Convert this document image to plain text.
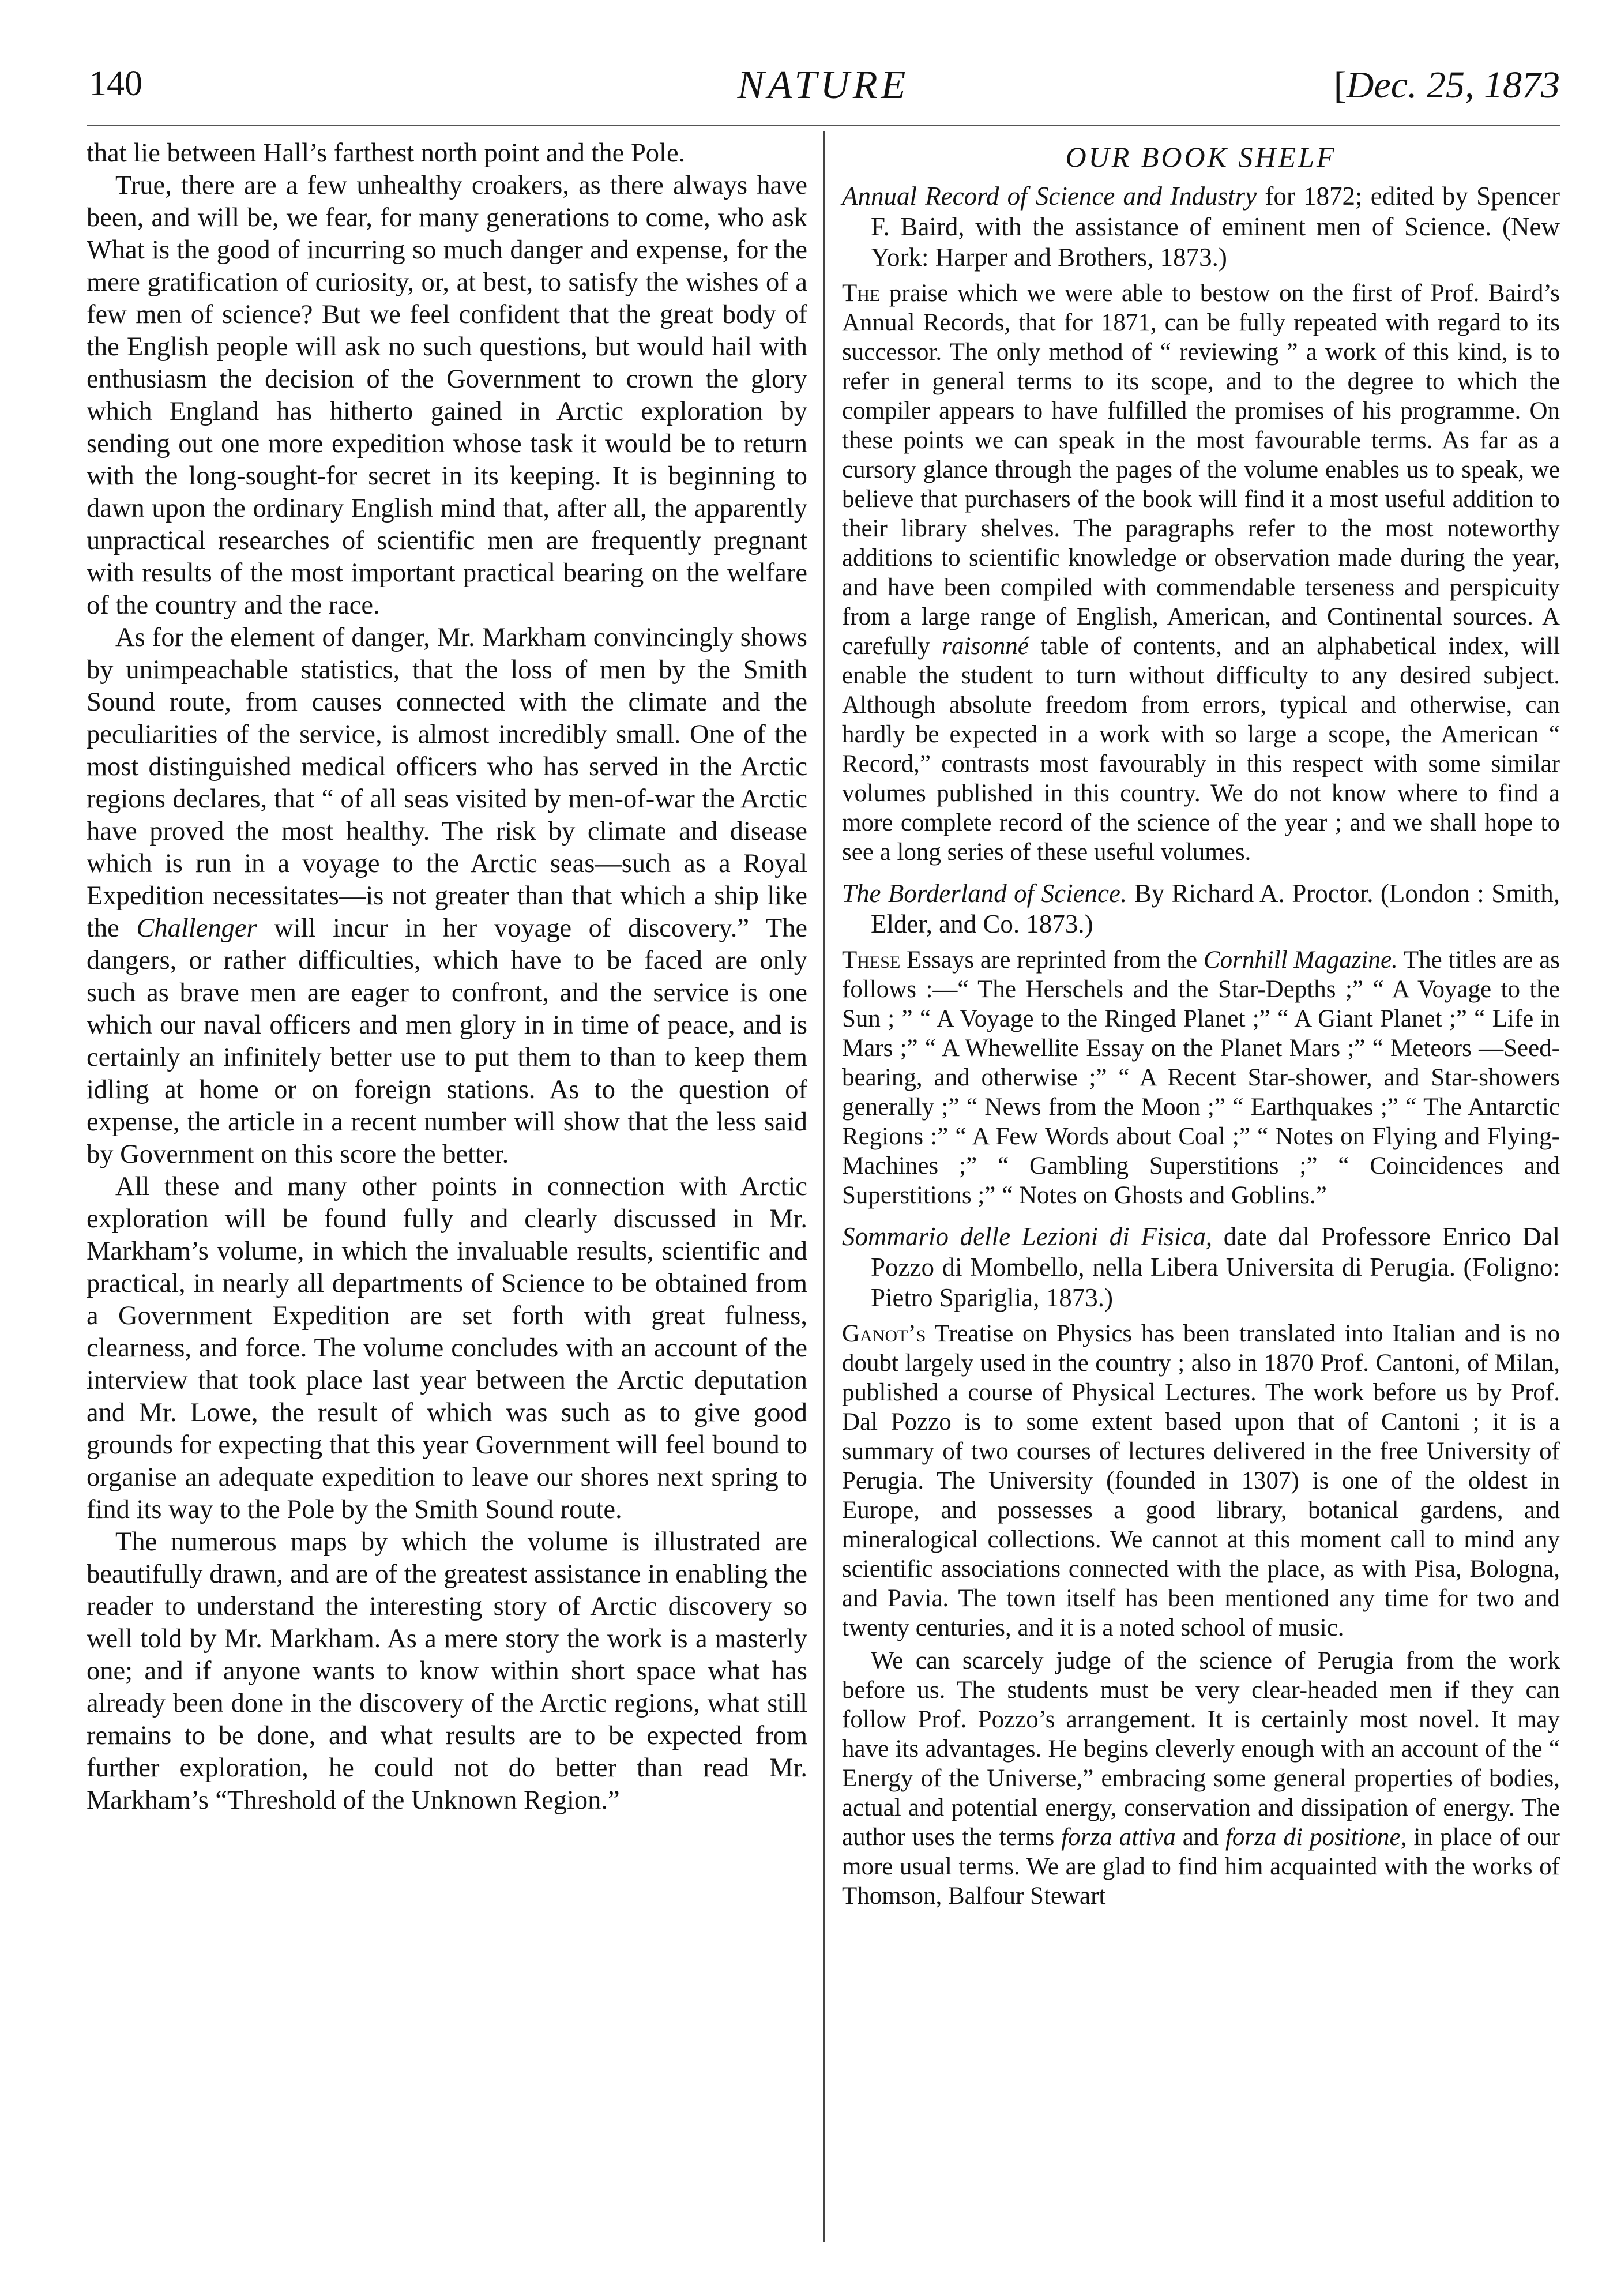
140	NATURE	[Dec. 25, 1873

that lie between Hall’s farthest north point and the Pole.

True, there are a few unhealthy croakers, as there always have been, and will be, we fear, for many generations to come, who ask What is the good of incurring so much danger and expense, for the mere gratification of curiosity, or, at best, to satisfy the wishes of a few men of science? But we feel confident that the great body of the English people will ask no such questions, but would hail with enthusiasm the decision of the Government to crown the glory which England has hitherto gained in Arctic exploration by sending out one more expedition whose task it would be to return with the long-sought-for secret in its keeping. It is beginning to dawn upon the ordinary English mind that, after all, the apparently unpractical researches of scientific men are frequently pregnant with results of the most important practical bearing on the welfare of the country and the race.

As for the element of danger, Mr. Markham convincingly shows by unimpeachable statistics, that the loss of men by the Smith Sound route, from causes connected with the climate and the peculiarities of the service, is almost incredibly small. One of the most distinguished medical officers who has served in the Arctic regions declares, that “ of all seas visited by men-of-war the Arctic have proved the most healthy. The risk by climate and disease which is run in a voyage to the Arctic seas—such as a Royal Expedition necessitates—is not greater than that which a ship like the Challenger will incur in her voyage of discovery.” The dangers, or rather difficulties, which have to be faced are only such as brave men are eager to confront, and the service is one which our naval officers and men glory in in time of peace, and is certainly an infinitely better use to put them to than to keep them idling at home or on foreign stations. As to the question of expense, the article in a recent number will show that the less said by Government on this score the better.

All these and many other points in connection with Arctic exploration will be found fully and clearly discussed in Mr. Markham’s volume, in which the invaluable results, scientific and practical, in nearly all departments of Science to be obtained from a Government Expedition are set forth with great fulness, clearness, and force. The volume concludes with an account of the interview that took place last year between the Arctic deputation and Mr. Lowe, the result of which was such as to give good grounds for expecting that this year Government will feel bound to organise an adequate expedition to leave our shores next spring to find its way to the Pole by the Smith Sound route.

The numerous maps by which the volume is illustrated are beautifully drawn, and are of the greatest assistance in enabling the reader to understand the interesting story of Arctic discovery so well told by Mr. Markham. As a mere story the work is a masterly one; and if anyone wants to know within short space what has already been done in the discovery of the Arctic regions, what still remains to be done, and what results are to be expected from further exploration, he could not do better than read Mr. Markham’s “Threshold of the Unknown Region.”

OUR BOOK SHELF
Annual Record of Science and Industry for 1872; edited by Spencer F. Baird, with the assistance of eminent men of Science. (New York: Harper and Brothers, 1873.)

The praise which we were able to bestow on the first of Prof. Baird’s Annual Records, that for 1871, can be fully repeated with regard to its successor. The only method of “ reviewing ” a work of this kind, is to refer in general terms to its scope, and to the degree to which the compiler appears to have fulfilled the promises of his programme. On these points we can speak in the most favourable terms. As far as a cursory glance through the pages of the volume enables us to speak, we believe that purchasers of the book will find it a most useful addition to their library shelves. The paragraphs refer to the most noteworthy additions to scientific knowledge or observation made during the year, and have been compiled with commendable terseness and perspicuity from a large range of English, American, and Continental sources. A carefully raisonné table of contents, and an alphabetical index, will enable the student to turn without difficulty to any desired subject. Although absolute freedom from errors, typical and otherwise, can hardly be expected in a work with so large a scope, the American “ Record,” contrasts most favourably in this respect with some similar volumes published in this country. We do not know where to find a more complete record of the science of the year ; and we shall hope to see a long series of these useful volumes.

The Borderland of Science. By Richard A. Proctor. (London : Smith, Elder, and Co. 1873.)

These Essays are reprinted from the Cornhill Magazine. The titles are as follows :—“ The Herschels and the Star-Depths ;” “ A Voyage to the Sun ; ” “ A Voyage to the Ringed Planet ;” “ A Giant Planet ;” “ Life in Mars ;” “ A Whewellite Essay on the Planet Mars ;” “ Meteors —Seed-bearing, and otherwise ;” “ A Recent Star-shower, and Star-showers generally ;” “ News from the Moon ;” “ Earthquakes ;” “ The Antarctic Regions :” “ A Few Words about Coal ;” “ Notes on Flying and Flying-Machines ;” “ Gambling Superstitions ;” “ Coincidences and Superstitions ;” “ Notes on Ghosts and Goblins.”

Sommario delle Lezioni di Fisica, date dal Professore Enrico Dal Pozzo di Mombello, nella Libera Universita di Perugia. (Foligno: Pietro Spariglia, 1873.)

Ganot’s Treatise on Physics has been translated into Italian and is no doubt largely used in the country ; also in 1870 Prof. Cantoni, of Milan, published a course of Physical Lectures. The work before us by Prof. Dal Pozzo is to some extent based upon that of Cantoni ; it is a summary of two courses of lectures delivered in the free University of Perugia. The University (founded in 1307) is one of the oldest in Europe, and possesses a good library, botanical gardens, and mineralogical collections. We cannot at this moment call to mind any scientific associations connected with the place, as with Pisa, Bologna, and Pavia. The town itself has been mentioned any time for two and twenty centuries, and it is a noted school of music.

We can scarcely judge of the science of Perugia from the work before us. The students must be very clear-headed men if they can follow Prof. Pozzo’s arrangement. It is certainly most novel. It may have its advantages. He begins cleverly enough with an account of the “ Energy of the Universe,” embracing some general properties of bodies, actual and potential energy, conservation and dissipation of energy. The author uses the terms forza attiva and forza di positione, in place of our more usual terms. We are glad to find him acquainted with the works of Thomson, Balfour Stewart
